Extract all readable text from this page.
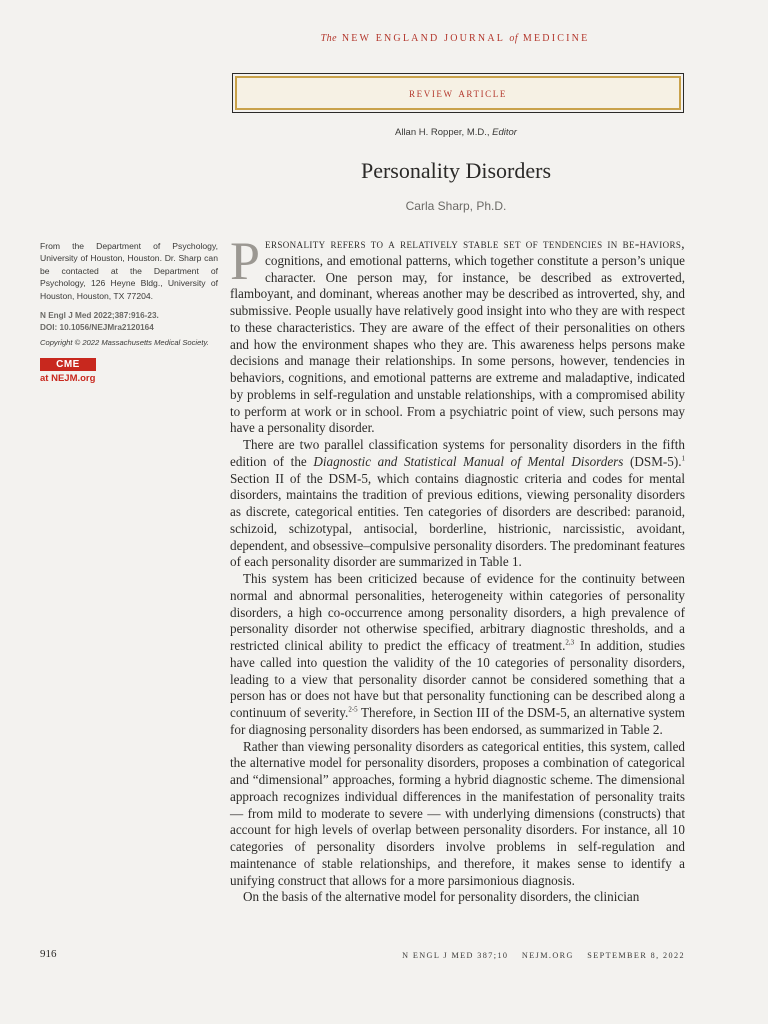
The NEW ENGLAND JOURNAL of MEDICINE
review article
Allan H. Ropper, M.D., Editor
Personality Disorders
Carla Sharp, Ph.D.

From the Department of Psychology, University of Houston, Houston. Dr. Sharp can be contacted at the Department of Psychology, 126 Heyne Bldg., University of Houston, Houston, TX 77204.

N Engl J Med 2022;387:916-23.
DOI: 10.1056/NEJMra2120164

Copyright © 2022 Massachusetts Medical Society.

CME
at NEJM.org

Personality refers to a relatively stable set of tendencies in be-haviors, cognitions, and emotional patterns, which together constitute a person’s unique character. One person may, for instance, be described as extroverted, flamboyant, and dominant, whereas another may be described as introverted, shy, and submissive. People usually have relatively good insight into who they are with respect to these characteristics. They are aware of the effect of their personalities on others and how the environment shapes who they are. This awareness helps persons make decisions and manage their relationships. In some persons, however, tendencies in behaviors, cognitions, and emotional patterns are extreme and maladaptive, indicated by problems in self-regulation and unstable relationships, with a compromised ability to perform at work or in school. From a psychiatric point of view, such persons may have a personality disorder.

There are two parallel classification systems for personality disorders in the fifth edition of the Diagnostic and Statistical Manual of Mental Disorders (DSM-5).$^1$ Section II of the DSM-5, which contains diagnostic criteria and codes for mental disorders, maintains the tradition of previous editions, viewing personality disorders as discrete, categorical entities. Ten categories of disorders are described: paranoid, schizoid, schizotypal, antisocial, borderline, histrionic, narcissistic, avoidant, dependent, and obsessive–compulsive personality disorders. The predominant features of each personality disorder are summarized in Table 1.

This system has been criticized because of evidence for the continuity between normal and abnormal personalities, heterogeneity within categories of personality disorders, a high co-occurrence among personality disorders, a high prevalence of personality disorder not otherwise specified, arbitrary diagnostic thresholds, and a restricted clinical ability to predict the efficacy of treatment.$^{2,3}$ In addition, studies have called into question the validity of the 10 categories of personality disorders, leading to a view that personality disorder cannot be considered something that a person has or does not have but that personality functioning can be described along a continuum of severity.$^{2-5}$ Therefore, in Section III of the DSM-5, an alternative system for diagnosing personality disorders has been endorsed, as summarized in Table 2.

Rather than viewing personality disorders as categorical entities, this system, called the alternative model for personality disorders, proposes a combination of categorical and “dimensional” approaches, forming a hybrid diagnostic scheme. The dimensional approach recognizes individual differences in the manifestation of personality traits — from mild to moderate to severe — with underlying dimensions (constructs) that account for high levels of overlap between personality disorders. For instance, all 10 categories of personality disorders involve problems in self-regulation and maintenance of stable relationships, and therefore, it makes sense to identify a unifying construct that allows for a more parsimonious diagnosis.

On the basis of the alternative model for personality disorders, the clinician

916	N ENGL J MED 387;10 NEJM.ORG SEPTEMBER 8, 2022
